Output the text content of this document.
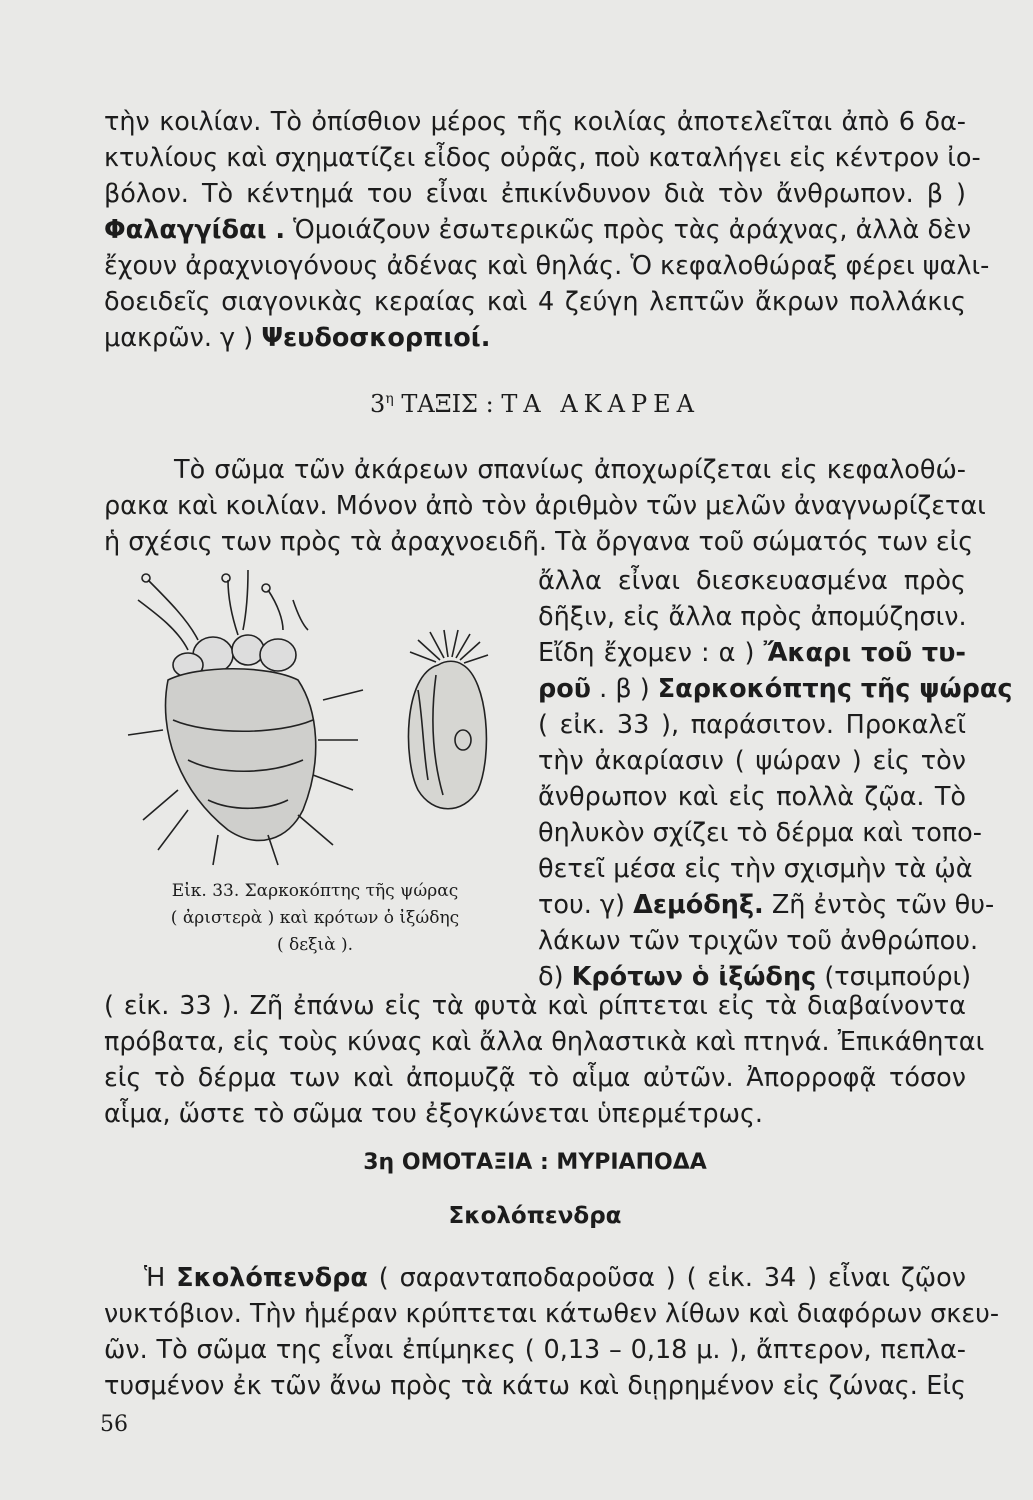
τὴν κοιλίαν. Τὸ ὀπίσθιον μέρος τῆς κοιλίας ἀποτελεῖται ἀπὸ 6 δα-
κτυλίους καὶ σχηματίζει εἶδος οὐρᾶς, ποὺ καταλήγει εἰς κέντρον ἰο-
βόλον. Τὸ κέντημά του εἶναι ἐπικίνδυνον διὰ τὸν ἄνθρωπον. β )
Φαλαγγίδαι . Ὁμοιάζουν ἐσωτερικῶς πρὸς τὰς ἀράχνας, ἀλλὰ δὲν
ἔχουν ἀραχνιογόνους ἀδένας καὶ θηλάς. Ὁ κεφαλοθώραξ φέρει ψαλι-
δοειδεῖς σιαγονικὰς κεραίας καὶ 4 ζεύγη λεπτῶν ἄκρων πολλάκις
μακρῶν. γ ) Ψευδοσκορπιοί.
$3^\eta$ ΤΑΞΙΣ : ΤΑ ΑΚΑΡΕΑ
Τὸ σῶμα τῶν ἀκάρεων σπανίως ἀποχωρίζεται εἰς κεφαλοθώ-
ρακα καὶ κοιλίαν. Μόνον ἀπὸ τὸν ἀριθμὸν τῶν μελῶν ἀναγνωρίζεται
ἡ σχέσις των πρὸς τὰ ἀραχνοειδῆ. Τὰ ὄργανα τοῦ σώματός των εἰς
ἄλλα εἶναι διεσκευασμένα πρὸς
δῆξιν, εἰς ἄλλα πρὸς ἀπομύζησιν.
Εἴδη ἔχομεν : α ) Ἄκαρι τοῦ τυ-
ροῦ . β ) Σαρκοκόπτης τῆς ψώρας
( εἰκ. 33 ), παράσιτον. Προκαλεῖ
τὴν ἀκαρίασιν ( ψώραν ) εἰς τὸν
ἄνθρωπον καὶ εἰς πολλὰ ζῷα. Τὸ
θηλυκὸν σχίζει τὸ δέρμα καὶ τοπο-
θετεῖ μέσα εἰς τὴν σχισμὴν τὰ ᾠὰ
του. γ) Δεμόδηξ. Ζῆ ἐντὸς τῶν θυ-
λάκων τῶν τριχῶν τοῦ ἀνθρώπου.
δ) Κρότων ὁ ἰξώδης (τσιμπούρι)
Εἰκ. 33. Σαρκοκόπτης τῆς ψώρας
( ἀριστερὰ ) καὶ κρότων ὁ ἰξώδης
( δεξιὰ ).
( εἰκ. 33 ). Ζῆ ἐπάνω εἰς τὰ φυτὰ καὶ ρίπτεται εἰς τὰ διαβαίνοντα
πρόβατα, εἰς τοὺς κύνας καὶ ἄλλα θηλαστικὰ καὶ πτηνά. Ἐπικάθηται
εἰς τὸ δέρμα των καὶ ἀπομυζᾷ τὸ αἷμα αὐτῶν. Ἀπορροφᾷ τόσον
αἷμα, ὥστε τὸ σῶμα του ἐξογκώνεται ὑπερμέτρως.
3η ΟΜΟΤΑΞΙΑ : ΜΥΡΙΑΠΟΔΑ
Σκολόπενδρα
Ἡ Σκολόπενδρα ( σαρανταποδαροῦσα ) ( εἰκ. 34 ) εἶναι ζῷον
νυκτόβιον. Τὴν ἡμέραν κρύπτεται κάτωθεν λίθων καὶ διαφόρων σκευ-
ῶν. Τὸ σῶμα της εἶναι ἐπίμηκες ( 0,13 – 0,18 μ. ), ἄπτερον, πεπλα-
τυσμένον ἐκ τῶν ἄνω πρὸς τὰ κάτω καὶ διῃρημένον εἰς ζώνας. Εἰς
56
